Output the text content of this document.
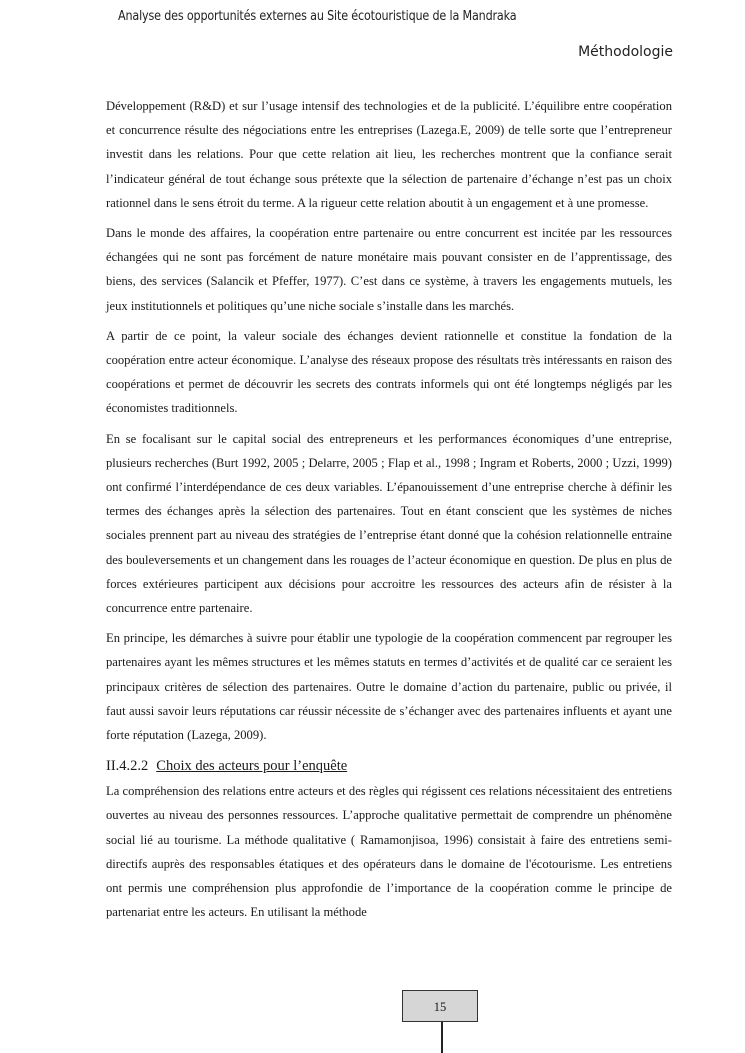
Analyse des opportunités externes au Site écotouristique de la Mandraka
Méthodologie

Développement (R&D) et sur l’usage intensif des technologies et de la publicité. L’équilibre entre coopération et concurrence résulte des négociations entre les entreprises (Lazega.E, 2009) de telle sorte que l’entrepreneur investit dans les relations. Pour que cette relation ait lieu, les recherches montrent que la confiance serait l’indicateur général de tout échange sous prétexte que la sélection de partenaire d’échange n’est pas un choix rationnel dans le sens étroit du terme. A la rigueur cette relation aboutit à un engagement et à une promesse.

Dans le monde des affaires, la coopération entre partenaire ou entre concurrent est incitée par les ressources échangées qui ne sont pas forcément de nature monétaire mais pouvant consister en de l’apprentissage, des biens, des services (Salancik et Pfeffer, 1977). C’est dans ce système, à travers les engagements mutuels, les jeux institutionnels et politiques qu’une niche sociale s’installe dans les marchés.

A partir de ce point, la valeur sociale des échanges devient rationnelle et constitue la fondation de la coopération entre acteur économique. L’analyse des réseaux propose des résultats très intéressants en raison des coopérations et permet de découvrir les secrets des contrats informels qui ont été longtemps négligés par les économistes traditionnels.

En se focalisant sur le capital social des entrepreneurs et les performances économiques d’une entreprise, plusieurs recherches (Burt 1992, 2005 ; Delarre, 2005 ; Flap et al., 1998 ; Ingram et Roberts, 2000 ; Uzzi, 1999) ont confirmé l’interdépendance de ces deux variables. L’épanouissement d’une entreprise cherche à définir les termes des échanges après la sélection des partenaires. Tout en étant conscient que les systèmes de niches sociales prennent part au niveau des stratégies de l’entreprise étant donné que la cohésion relationnelle entraine des bouleversements et un changement dans les rouages de l’acteur économique en question. De plus en plus de forces extérieures participent aux décisions pour accroitre les ressources des acteurs afin de résister à la concurrence entre partenaire.

En principe, les démarches à suivre pour établir une typologie de la coopération commencent par regrouper les partenaires ayant les mêmes structures et les mêmes statuts en termes d’activités et de qualité car ce seraient les principaux critères de sélection des partenaires. Outre le domaine d’action du partenaire, public ou privée, il faut aussi savoir leurs réputations car réussir nécessite de s’échanger avec des partenaires influents et ayant une forte réputation (Lazega, 2009).

II.4.2.2 Choix des acteurs pour l’enquête

La compréhension des relations entre acteurs et des règles qui régissent ces relations nécessitaient des entretiens ouvertes au niveau des personnes ressources. L’approche qualitative permettait de comprendre un phénomène social lié au tourisme. La méthode qualitative ( Ramamonjisoa, 1996) consistait à faire des entretiens semi-directifs auprès des responsables étatiques et des opérateurs dans le domaine de l'écotourisme. Les entretiens ont permis une compréhension plus approfondie de l’importance de la coopération comme le principe de partenariat entre les acteurs. En utilisant la méthode

15
